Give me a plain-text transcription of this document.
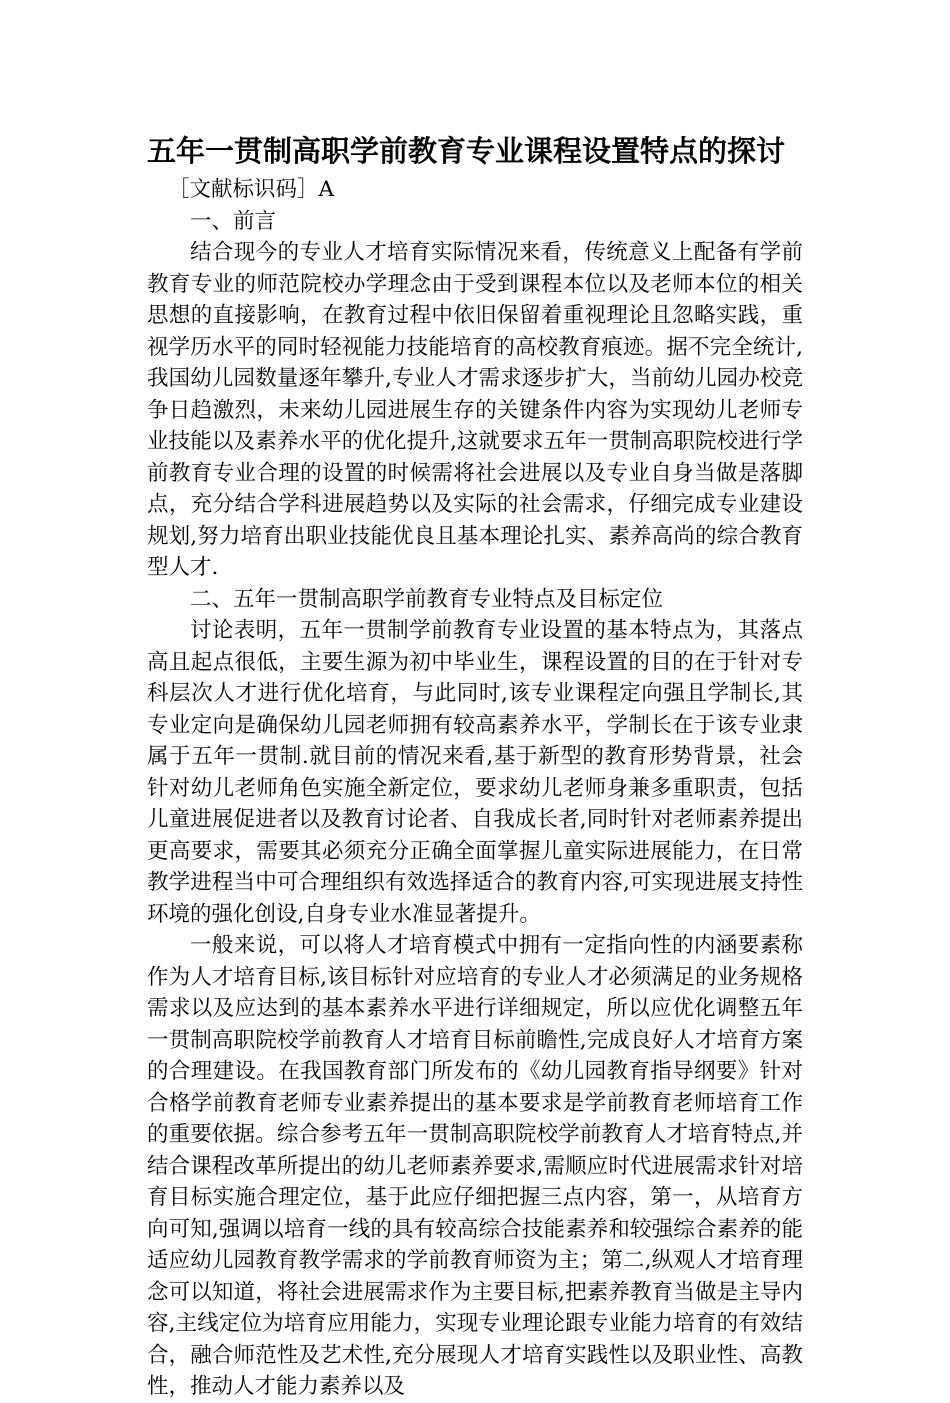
五年一贯制高职学前教育专业课程设置特点的探讨

［文献标识码］A

一、前言

结合现今的专业人才培育实际情况来看，传统意义上配备有学前教育专业的师范院校办学理念由于受到课程本位以及老师本位的相关思想的直接影响，在教育过程中依旧保留着重视理论且忽略实践，重视学历水平的同时轻视能力技能培育的高校教育痕迹。据不完全统计,我国幼儿园数量逐年攀升,专业人才需求逐步扩大，当前幼儿园办校竞争日趋激烈，未来幼儿园进展生存的关键条件内容为实现幼儿老师专业技能以及素养水平的优化提升,这就要求五年一贯制高职院校进行学前教育专业合理的设置的时候需将社会进展以及专业自身当做是落脚点，充分结合学科进展趋势以及实际的社会需求，仔细完成专业建设规划,努力培育出职业技能优良且基本理论扎实、素养高尚的综合教育型人才.

二、五年一贯制高职学前教育专业特点及目标定位

讨论表明，五年一贯制学前教育专业设置的基本特点为，其落点高且起点很低，主要生源为初中毕业生，课程设置的目的在于针对专科层次人才进行优化培育，与此同时,该专业课程定向强且学制长,其专业定向是确保幼儿园老师拥有较高素养水平，学制长在于该专业隶属于五年一贯制.就目前的情况来看,基于新型的教育形势背景，社会针对幼儿老师角色实施全新定位，要求幼儿老师身兼多重职责，包括儿童进展促进者以及教育讨论者、自我成长者,同时针对老师素养提出更高要求，需要其必须充分正确全面掌握儿童实际进展能力，在日常教学进程当中可合理组织有效选择适合的教育内容,可实现进展支持性环境的强化创设,自身专业水准显著提升。

一般来说，可以将人才培育模式中拥有一定指向性的内涵要素称作为人才培育目标,该目标针对应培育的专业人才必须满足的业务规格需求以及应达到的基本素养水平进行详细规定，所以应优化调整五年一贯制高职院校学前教育人才培育目标前瞻性,完成良好人才培育方案的合理建设。在我国教育部门所发布的《幼儿园教育指导纲要》针对合格学前教育老师专业素养提出的基本要求是学前教育老师培育工作的重要依据。综合参考五年一贯制高职院校学前教育人才培育特点,并结合课程改革所提出的幼儿老师素养要求,需顺应时代进展需求针对培育目标实施合理定位，基于此应仔细把握三点内容，第一，从培育方向可知,强调以培育一线的具有较高综合技能素养和较强综合素养的能适应幼儿园教育教学需求的学前教育师资为主；第二,纵观人才培育理念可以知道，将社会进展需求作为主要目标,把素养教育当做是主导内容,主线定位为培育应用能力，实现专业理论跟专业能力培育的有效结合，融合师范性及艺术性,充分展现人才培育实践性以及职业性、高教性，推动人才能力素养以及
